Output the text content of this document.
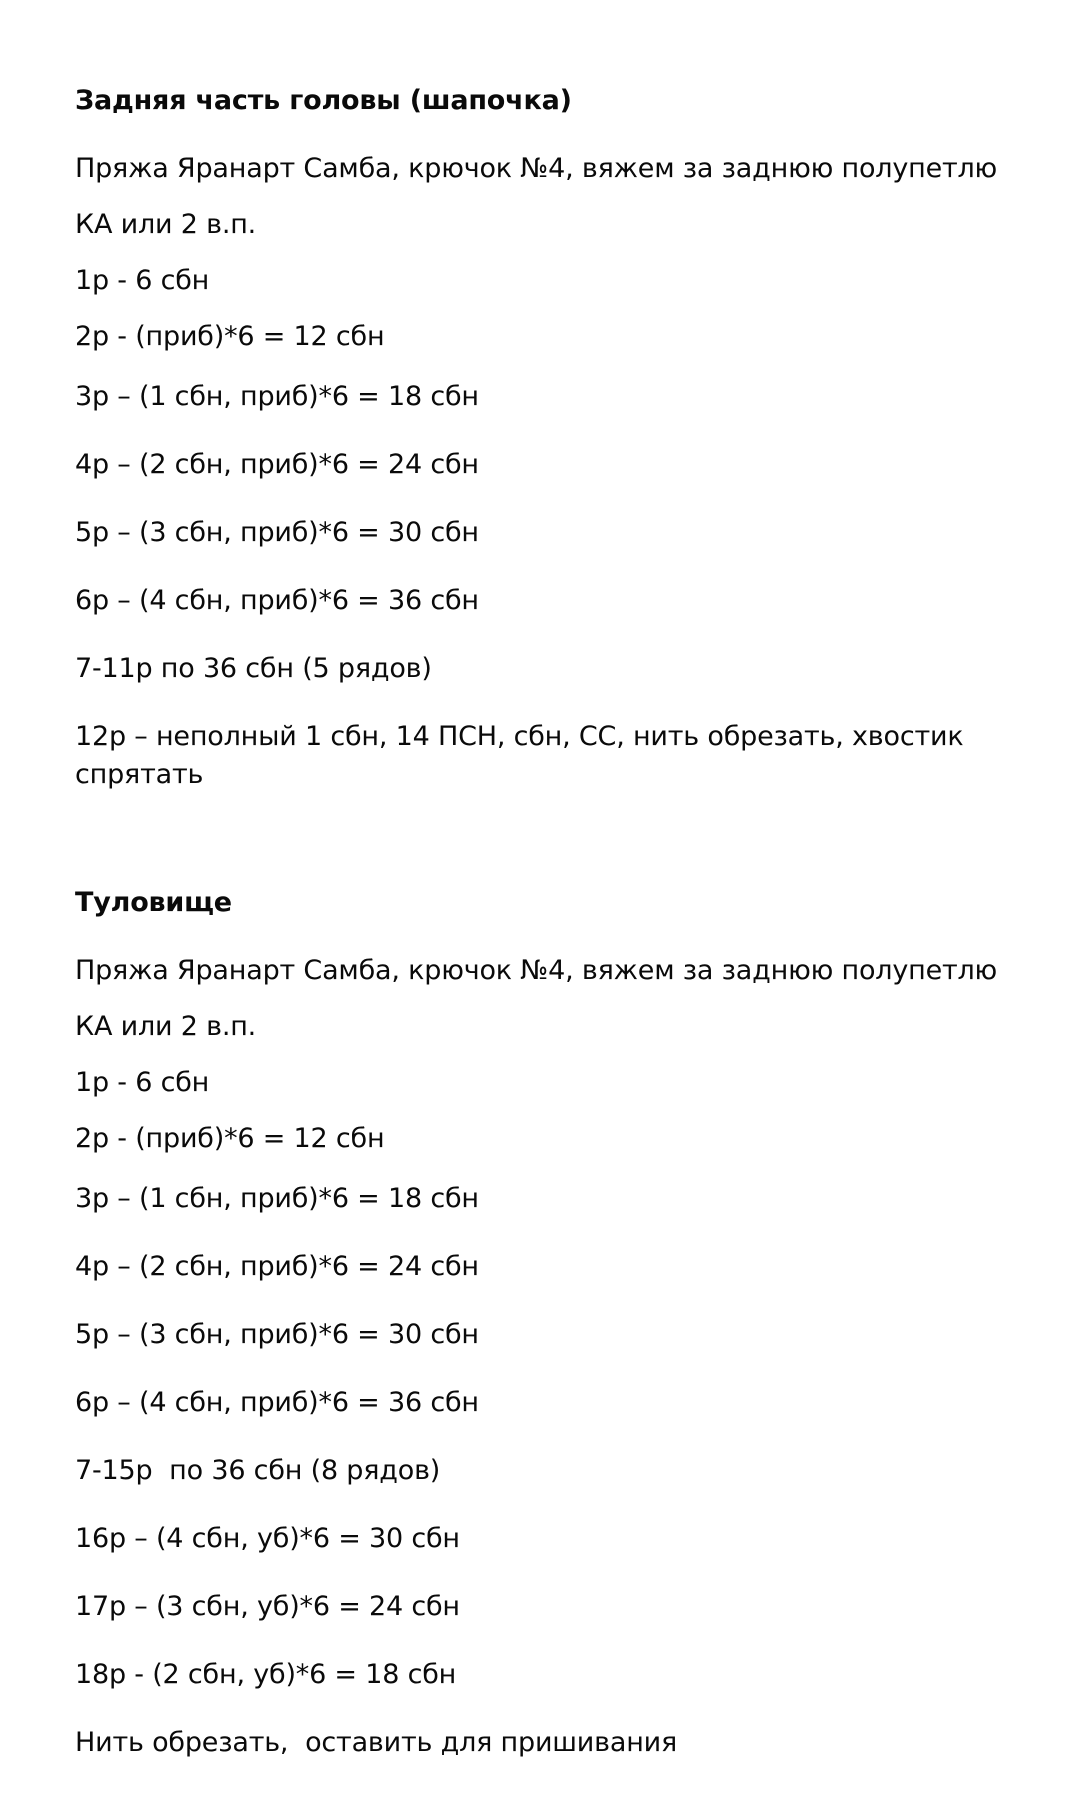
Задняя часть головы (шапочка)

Пряжа Яранарт Самба, крючок №4, вяжем за заднюю полупетлю

КА или 2 в.п.

1р - 6 сбн

2р - (приб)*6 = 12 сбн

3р – (1 сбн, приб)*6 = 18 сбн

4р – (2 сбн, приб)*6 = 24 сбн

5р – (3 сбн, приб)*6 = 30 сбн

6р – (4 сбн, приб)*6 = 36 сбн

7-11р по 36 сбн (5 рядов)

12р – неполный 1 сбн, 14 ПСН, сбн, СС, нить обрезать, хвостик спрятать

Туловище

Пряжа Яранарт Самба, крючок №4, вяжем за заднюю полупетлю

КА или 2 в.п.

1р - 6 сбн

2р - (приб)*6 = 12 сбн

3р – (1 сбн, приб)*6 = 18 сбн

4р – (2 сбн, приб)*6 = 24 сбн

5р – (3 сбн, приб)*6 = 30 сбн

6р – (4 сбн, приб)*6 = 36 сбн

7-15р  по 36 сбн (8 рядов)

16р – (4 сбн, уб)*6 = 30 сбн

17р – (3 сбн, уб)*6 = 24 сбн

18р - (2 сбн, уб)*6 = 18 сбн

Нить обрезать,  оставить для пришивания
